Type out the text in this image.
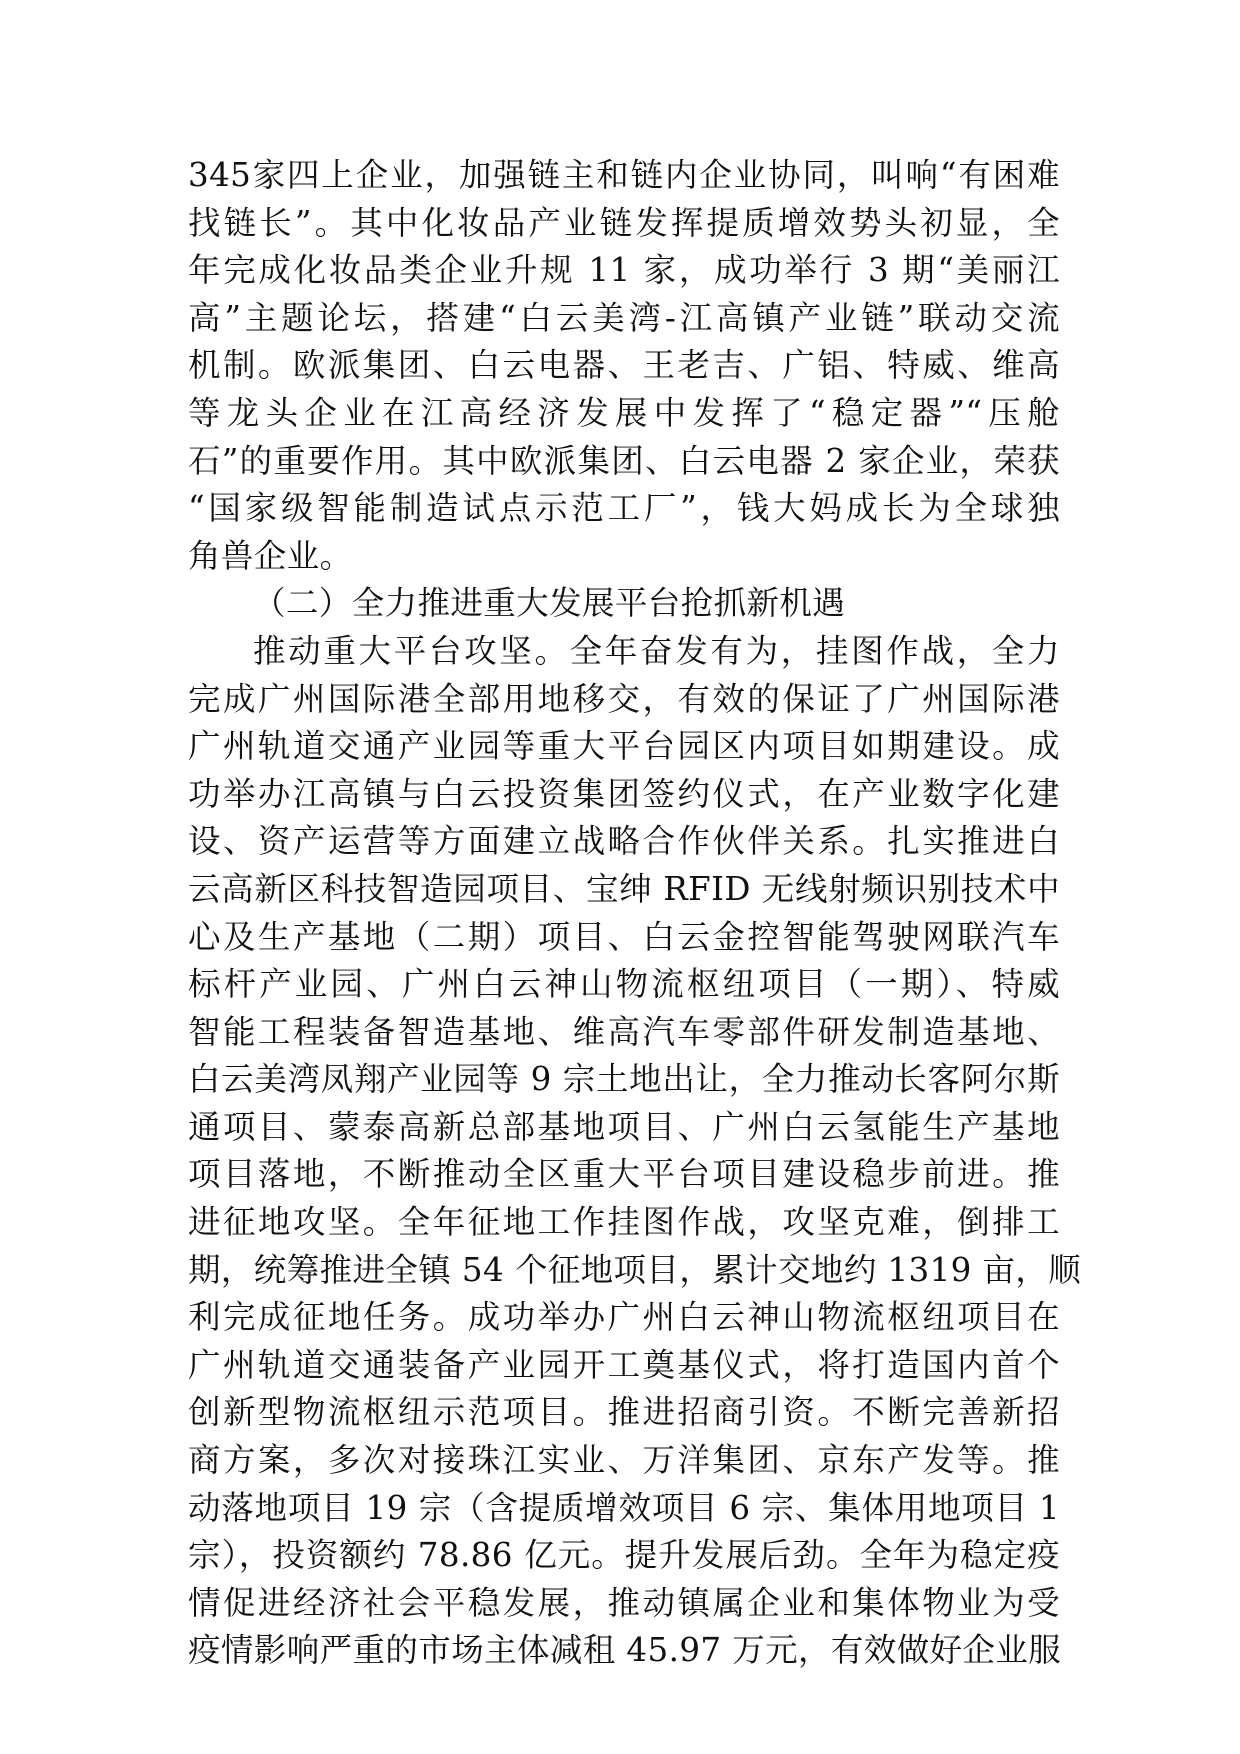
345家四上企业，加强链主和链内企业协同，叫响“有困难
找链长”。其中化妆品产业链发挥提质增效势头初显，全
年完成化妆品类企业升规 11 家，成功举行 3 期“美丽江
高”主题论坛，搭建“白云美湾-江高镇产业链”联动交流
机制。欧派集团、白云电器、王老吉、广铝、特威、维高
等龙头企业在江高经济发展中发挥了“稳定器”“压舱
石”的重要作用。其中欧派集团、白云电器 2 家企业，荣获
“国家级智能制造试点示范工厂”，钱大妈成长为全球独
角兽企业。
（二）全力推进重大发展平台抢抓新机遇
推动重大平台攻坚。全年奋发有为，挂图作战，全力
完成广州国际港全部用地移交，有效的保证了广州国际港
广州轨道交通产业园等重大平台园区内项目如期建设。成
功举办江高镇与白云投资集团签约仪式，在产业数字化建
设、资产运营等方面建立战略合作伙伴关系。扎实推进白
云高新区科技智造园项目、宝绅 RFID 无线射频识别技术中
心及生产基地（二期）项目、白云金控智能驾驶网联汽车
标杆产业园、广州白云神山物流枢纽项目（一期）、特威
智能工程装备智造基地、维高汽车零部件研发制造基地、
白云美湾凤翔产业园等 9 宗土地出让，全力推动长客阿尔斯
通项目、蒙泰高新总部基地项目、广州白云氢能生产基地
项目落地，不断推动全区重大平台项目建设稳步前进。推
进征地攻坚。全年征地工作挂图作战，攻坚克难，倒排工
期，统筹推进全镇 54 个征地项目，累计交地约 1319 亩，顺
利完成征地任务。成功举办广州白云神山物流枢纽项目在
广州轨道交通装备产业园开工奠基仪式，将打造国内首个
创新型物流枢纽示范项目。推进招商引资。不断完善新招
商方案，多次对接珠江实业、万洋集团、京东产发等。推
动落地项目 19 宗（含提质增效项目 6 宗、集体用地项目 1
宗），投资额约 78.86 亿元。提升发展后劲。全年为稳定疫
情促进经济社会平稳发展，推动镇属企业和集体物业为受
疫情影响严重的市场主体减租 45.97 万元，有效做好企业服
